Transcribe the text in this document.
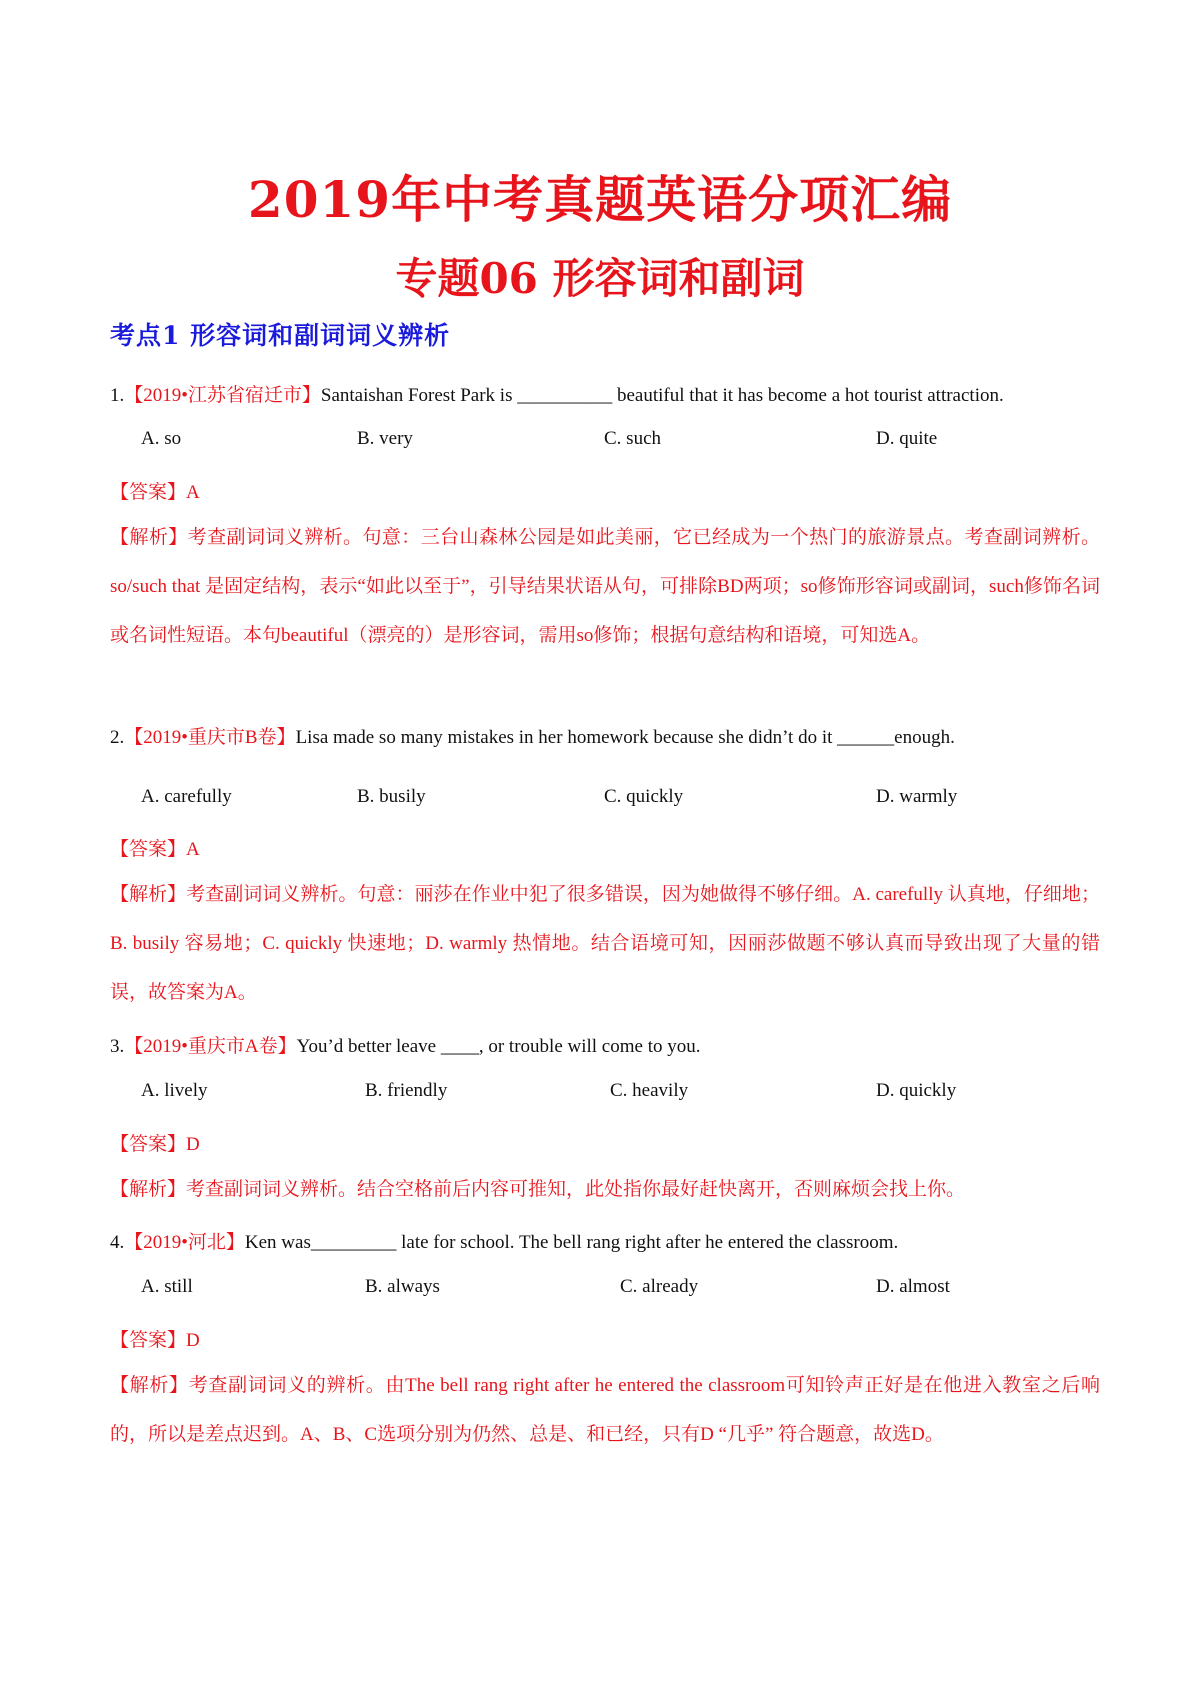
2019年中考真题英语分项汇编
专题06 形容词和副词
考点1 形容词和副词词义辨析
1.【2019•江苏省宿迁市】Santaishan Forest Park is __________ beautiful that it has become a hot tourist attraction.
A. so	B. very	C. such	D. quite
【答案】A
【解析】考查副词词义辨析。句意：三台山森林公园是如此美丽，它已经成为一个热门的旅游景点。考查副词辨析。so/such that 是固定结构，表示“如此以至于”，引导结果状语从句，可排除BD两项；so修饰形容词或副词，such修饰名词或名词性短语。本句beautiful（漂亮的）是形容词，需用so修饰；根据句意结构和语境，可知选A。
2.【2019•重庆市B卷】Lisa made so many mistakes in her homework because she didn’t do it ______enough.
A. carefully	B. busily	C. quickly	D. warmly
【答案】A
【解析】考查副词词义辨析。句意：丽莎在作业中犯了很多错误，因为她做得不够仔细。A. carefully 认真地，仔细地；B. busily 容易地；C. quickly 快速地；D. warmly 热情地。结合语境可知，因丽莎做题不够认真而导致出现了大量的错误，故答案为A。
3.【2019•重庆市A卷】You’d better leave ____, or trouble will come to you.
A. lively	B. friendly	C. heavily	D. quickly
【答案】D
【解析】考查副词词义辨析。结合空格前后内容可推知，此处指你最好赶快离开，否则麻烦会找上你。
4.【2019•河北】Ken was_________ late for school. The bell rang right after he entered the classroom.
A. still	B. always	C. already	D. almost
【答案】D
【解析】考查副词词义的辨析。由The bell rang right after he entered the classroom可知铃声正好是在他进入教室之后响的，所以是差点迟到。A、B、C选项分别为仍然、总是、和已经，只有D “几乎” 符合题意，故选D。
